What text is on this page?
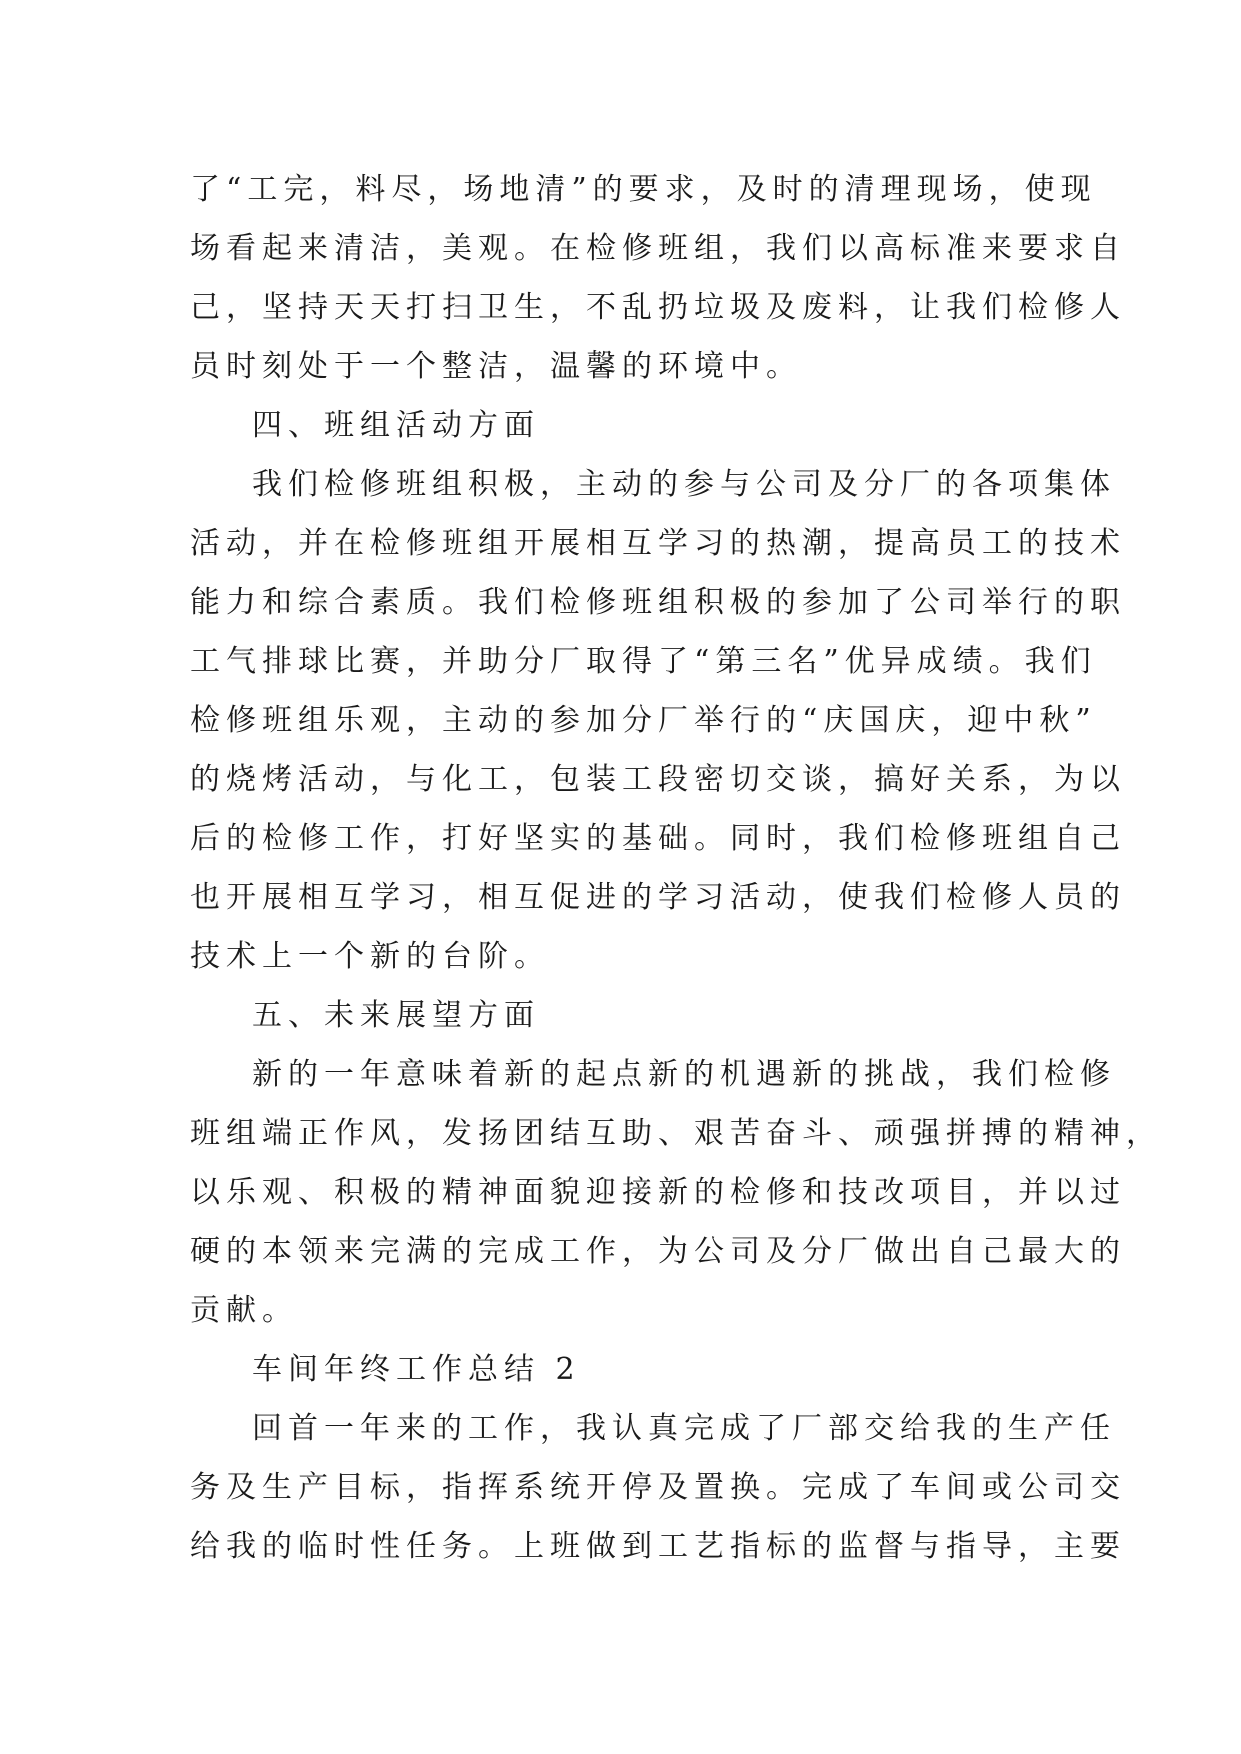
了“工完，料尽，场地清”的要求，及时的清理现场，使现
场看起来清洁，美观。在检修班组，我们以高标准来要求自
己，坚持天天打扫卫生，不乱扔垃圾及废料，让我们检修人
员时刻处于一个整洁，温馨的环境中。
四、班组活动方面
我们检修班组积极，主动的参与公司及分厂的各项集体
活动，并在检修班组开展相互学习的热潮，提高员工的技术
能力和综合素质。我们检修班组积极的参加了公司举行的职
工气排球比赛，并助分厂取得了“第三名”优异成绩。我们
检修班组乐观，主动的参加分厂举行的“庆国庆，迎中秋”
的烧烤活动，与化工，包装工段密切交谈，搞好关系，为以
后的检修工作，打好坚实的基础。同时，我们检修班组自己
也开展相互学习，相互促进的学习活动，使我们检修人员的
技术上一个新的台阶。
五、未来展望方面
新的一年意味着新的起点新的机遇新的挑战，我们检修
班组端正作风，发扬团结互助、艰苦奋斗、顽强拼搏的精神，
以乐观、积极的精神面貌迎接新的检修和技改项目，并以过
硬的本领来完满的完成工作，为公司及分厂做出自己最大的
贡献。
车间年终工作总结 2
回首一年来的工作，我认真完成了厂部交给我的生产任
务及生产目标，指挥系统开停及置换。完成了车间或公司交
给我的临时性任务。上班做到工艺指标的监督与指导，主要
